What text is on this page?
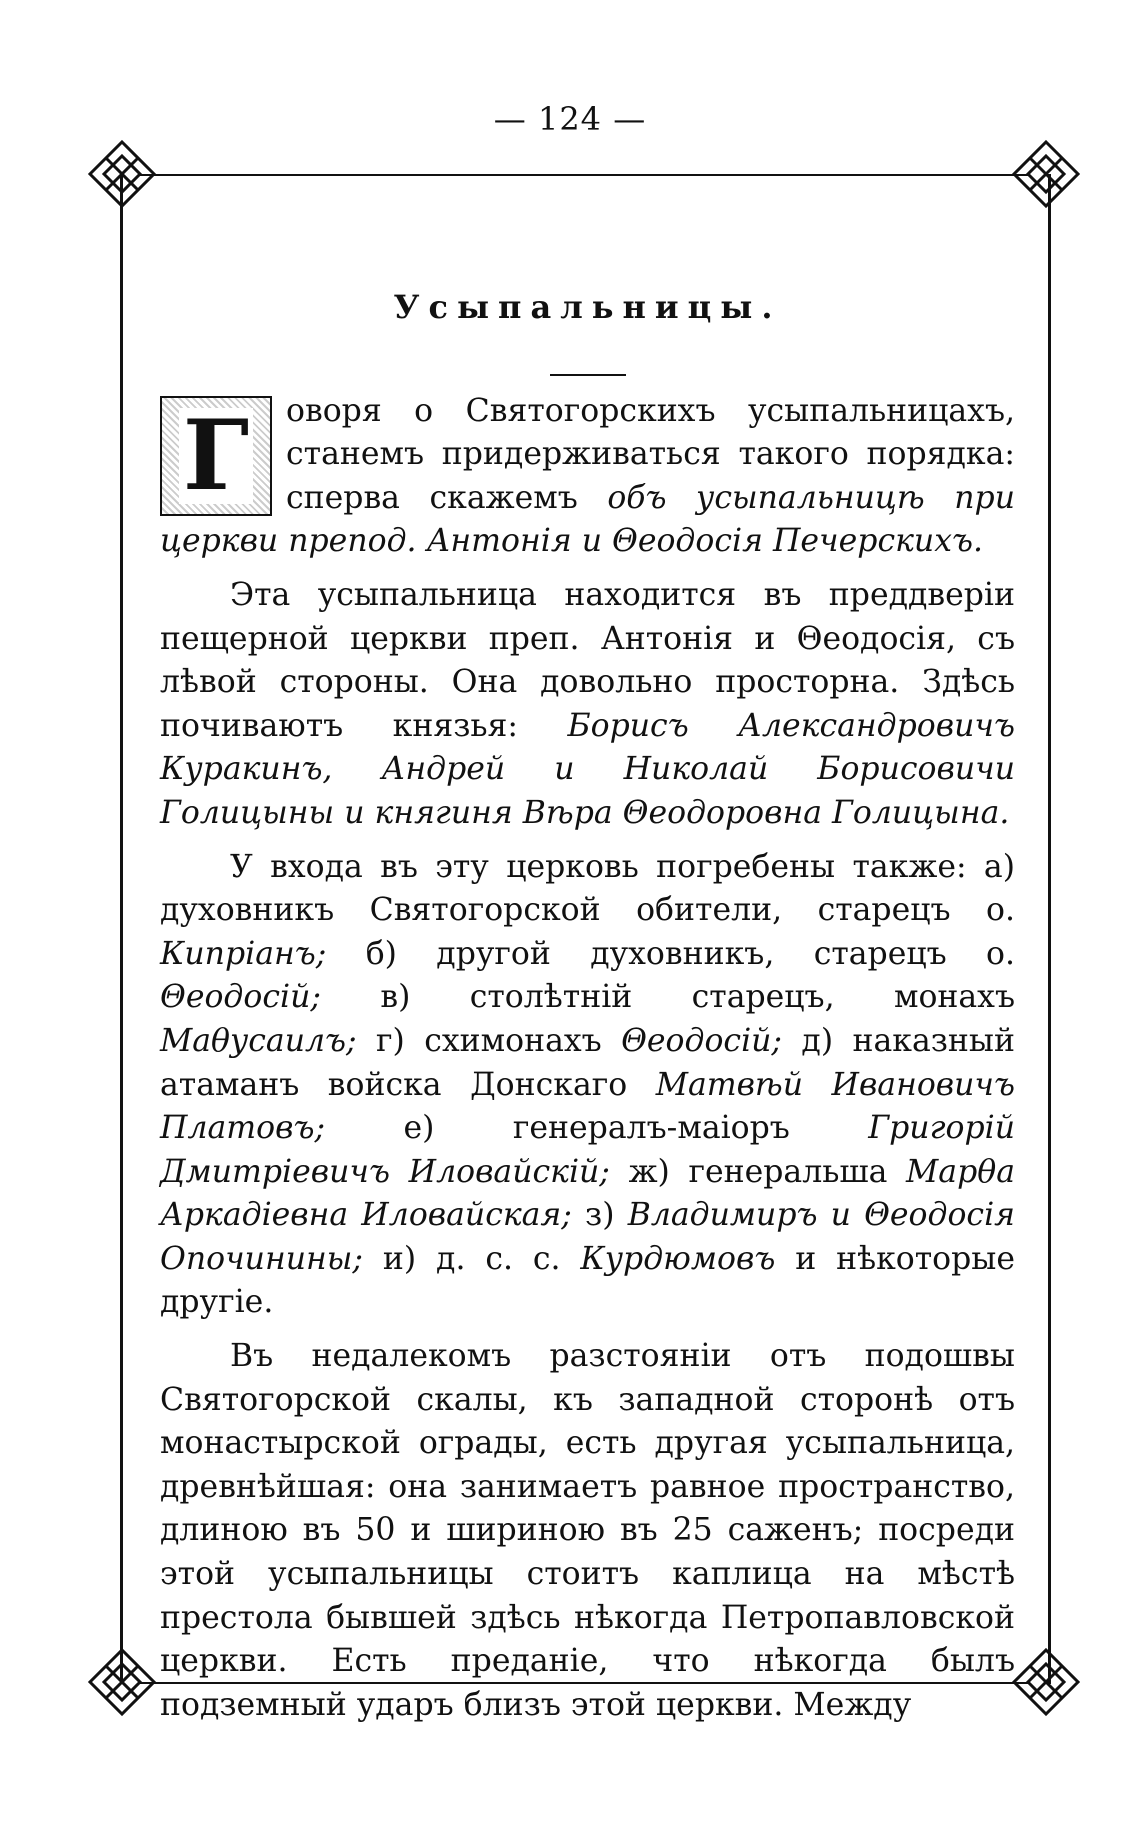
— 124 —
Усыпальницы.

Г оворя о Святогорскихъ усыпальницахъ, станемъ придерживаться такого порядка: сперва скажемъ объ усыпальницѣ при церкви препод. Антонія и Θеодосія Печерскихъ.

Эта усыпальница находится въ преддверіи пещерной церкви преп. Антонія и Θеодосія, съ лѣвой стороны. Она довольно просторна. Здѣсь почиваютъ князья: Борисъ Александровичъ Куракинъ, Андрей и Николай Борисовичи Голицыны и княгиня Вѣра Θеодоровна Голицына.

У входа въ эту церковь погребены также: а) духовникъ Святогорской обители, старецъ о. Кипріанъ; б) другой духовникъ, старецъ о. Θеодосій; в) столѣтній старецъ, монахъ Маθусаилъ; г) схимонахъ Θеодосій; д) наказный атаманъ войска Донскаго Матвѣй Ивановичъ Платовъ; е) генералъ-маіоръ Григорій Дмитріевичъ Иловайскій; ж) генеральша Марθа Аркадіевна Иловайская; з) Владимиръ и Θеодосія Опочинины; и) д. с. с. Курдюмовъ и нѣкоторые другіе.

Въ недалекомъ разстояніи отъ подошвы Святогорской скалы, къ западной сторонѣ отъ монастырской ограды, есть другая усыпальница, древнѣйшая: она занимаетъ равное пространство, длиною въ 50 и шириною въ 25 саженъ; посреди этой усыпальницы стоитъ каплица на мѣстѣ престола бывшей здѣсь нѣкогда Петропавловской церкви. Есть преданіе, что нѣкогда былъ подземный ударъ близъ этой церкви. Между
